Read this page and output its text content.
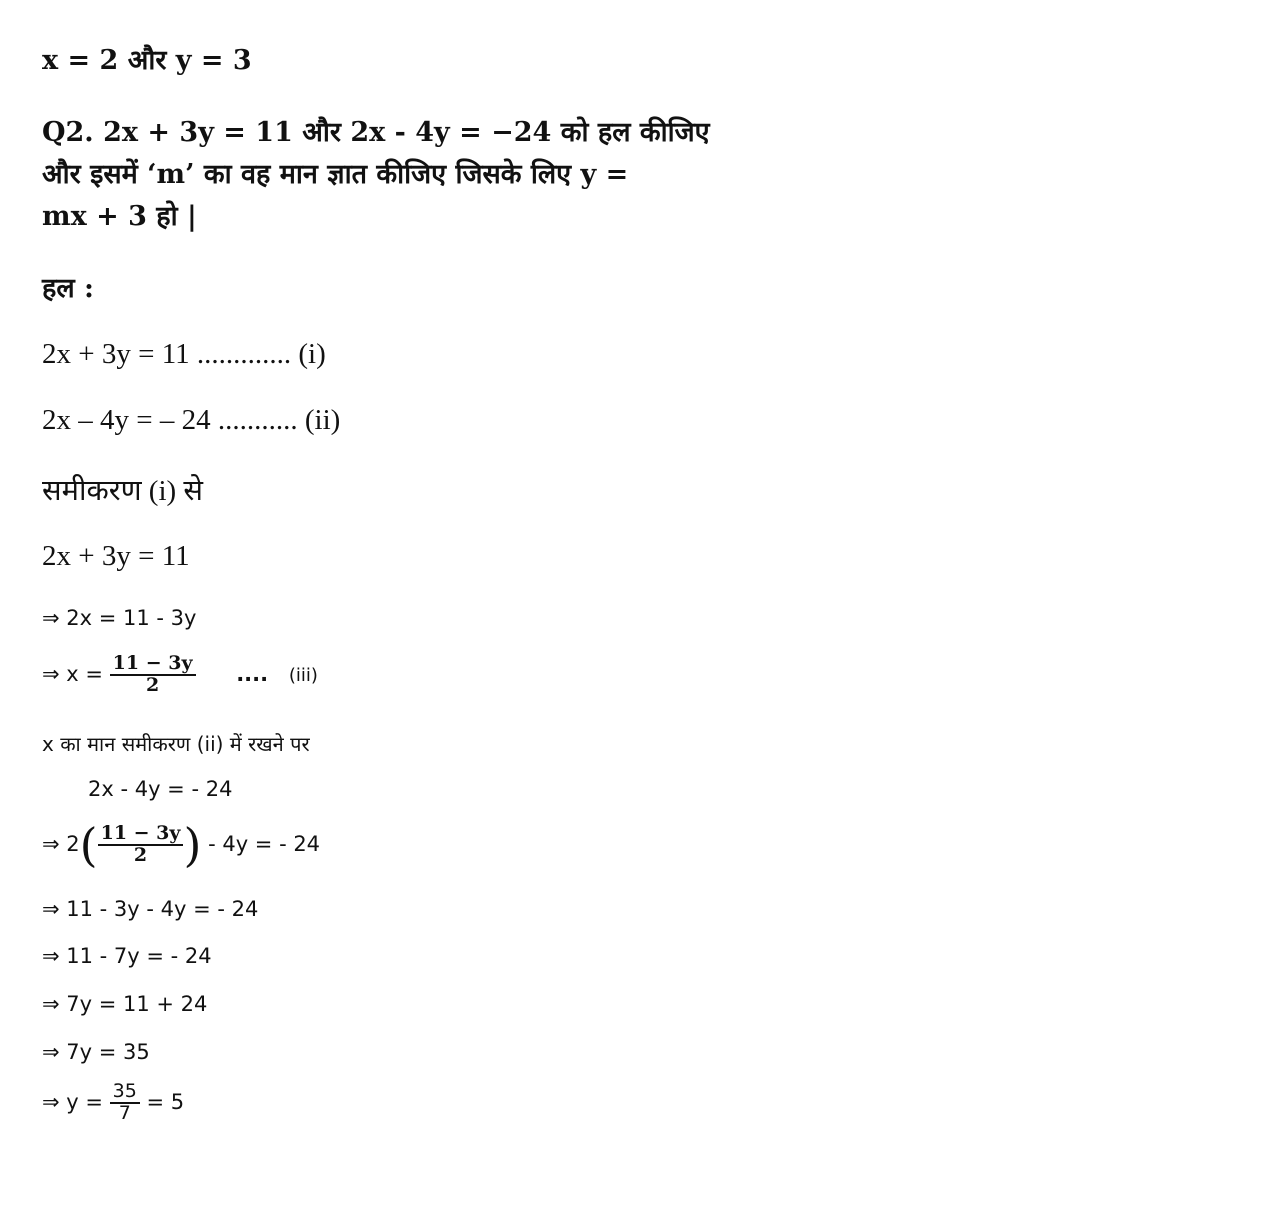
x = 2 और y = 3
Q2. 2x + 3y = 11 और 2x - 4y = −24 को हल कीजिए
और इसमें ‘m’ का वह मान ज्ञात कीजिए जिसके लिए y =
mx + 3 हो |
हल :
2x + 3y = 11 ............. (i)
2x – 4y = – 24 ........... (ii)
समीकरण (i) से
2x + 3y = 11
⇒ 2x = 11 - 3y
⇒ $x = \frac{11 - 3y}{2}$ .... (iii)
x का मान समीकरण (ii) में रखने पर
2x - 4y = - 24
⇒ $2( \frac{11 - 3y}{2}$ ) - 4y = - 24
⇒ 11 - 3y - 4y = - 24
⇒ 11 - 7y = - 24
⇒ 7y = 11 + 24
⇒ 7y = 35
⇒ $y = \frac{35}{7} = 5$
